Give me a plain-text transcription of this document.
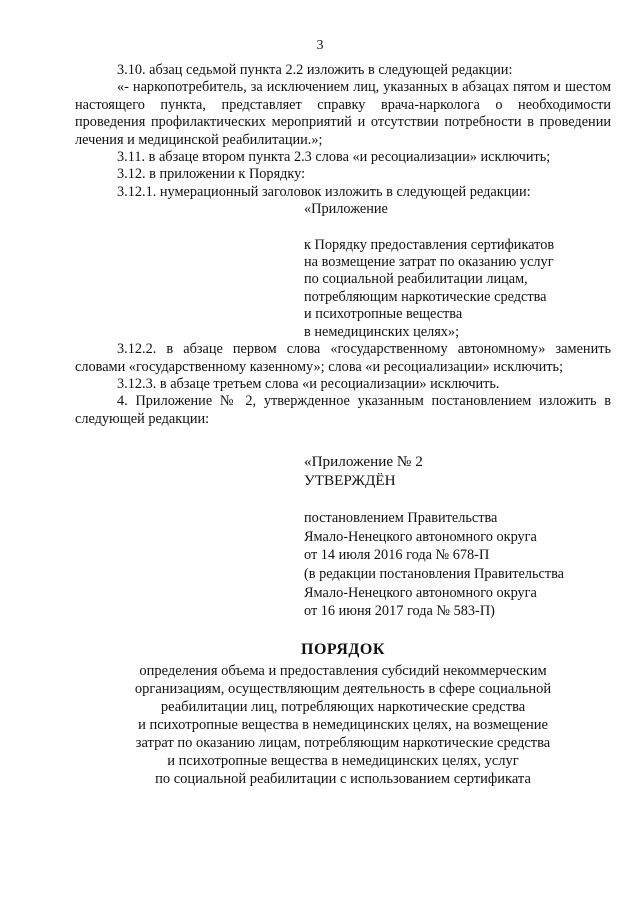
3

3.10. абзац седьмой пункта 2.2 изложить в следующей редакции:

«- наркопотребитель, за исключением лиц, указанных в абзацах пятом и шестом настоящего пункта, представляет справку врача-нарколога о необходимости проведения профилактических мероприятий и отсутствии потребности в проведении лечения и медицинской реабилитации.»;

3.11. в абзаце втором пункта 2.3 слова «и ресоциализации» исключить;

3.12. в приложении к Порядку:

3.12.1. нумерационный заголовок изложить в следующей редакции:

«Приложение

к Порядку предоставления сертификатов

на возмещение затрат по оказанию услуг

по социальной реабилитации лицам,

потребляющим наркотические средства

и психотропные вещества

в немедицинских целях»;

3.12.2. в абзаце первом слова «государственному автономному» заменить словами «государственному казенному»; слова «и ресоциализации» исключить;

3.12.3. в абзаце третьем слова «и ресоциализации» исключить.

4. Приложение № 2, утвержденное указанным постановлением изложить в следующей редакции:

«Приложение № 2

УТВЕРЖДЁН

постановлением Правительства

Ямало-Ненецкого автономного округа

от 14 июля 2016 года № 678-П

(в редакции постановления Правительства

Ямало-Ненецкого автономного округа

от 16 июня 2017 года № 583-П)

ПОРЯДОК

определения объема и предоставления субсидий некоммерческим

организациям, осуществляющим деятельность в сфере социальной

реабилитации лиц, потребляющих наркотические средства

и психотропные вещества в немедицинских целях, на возмещение

затрат по оказанию лицам, потребляющим наркотические средства

и психотропные вещества в немедицинских целях, услуг

по социальной реабилитации с использованием сертификата
